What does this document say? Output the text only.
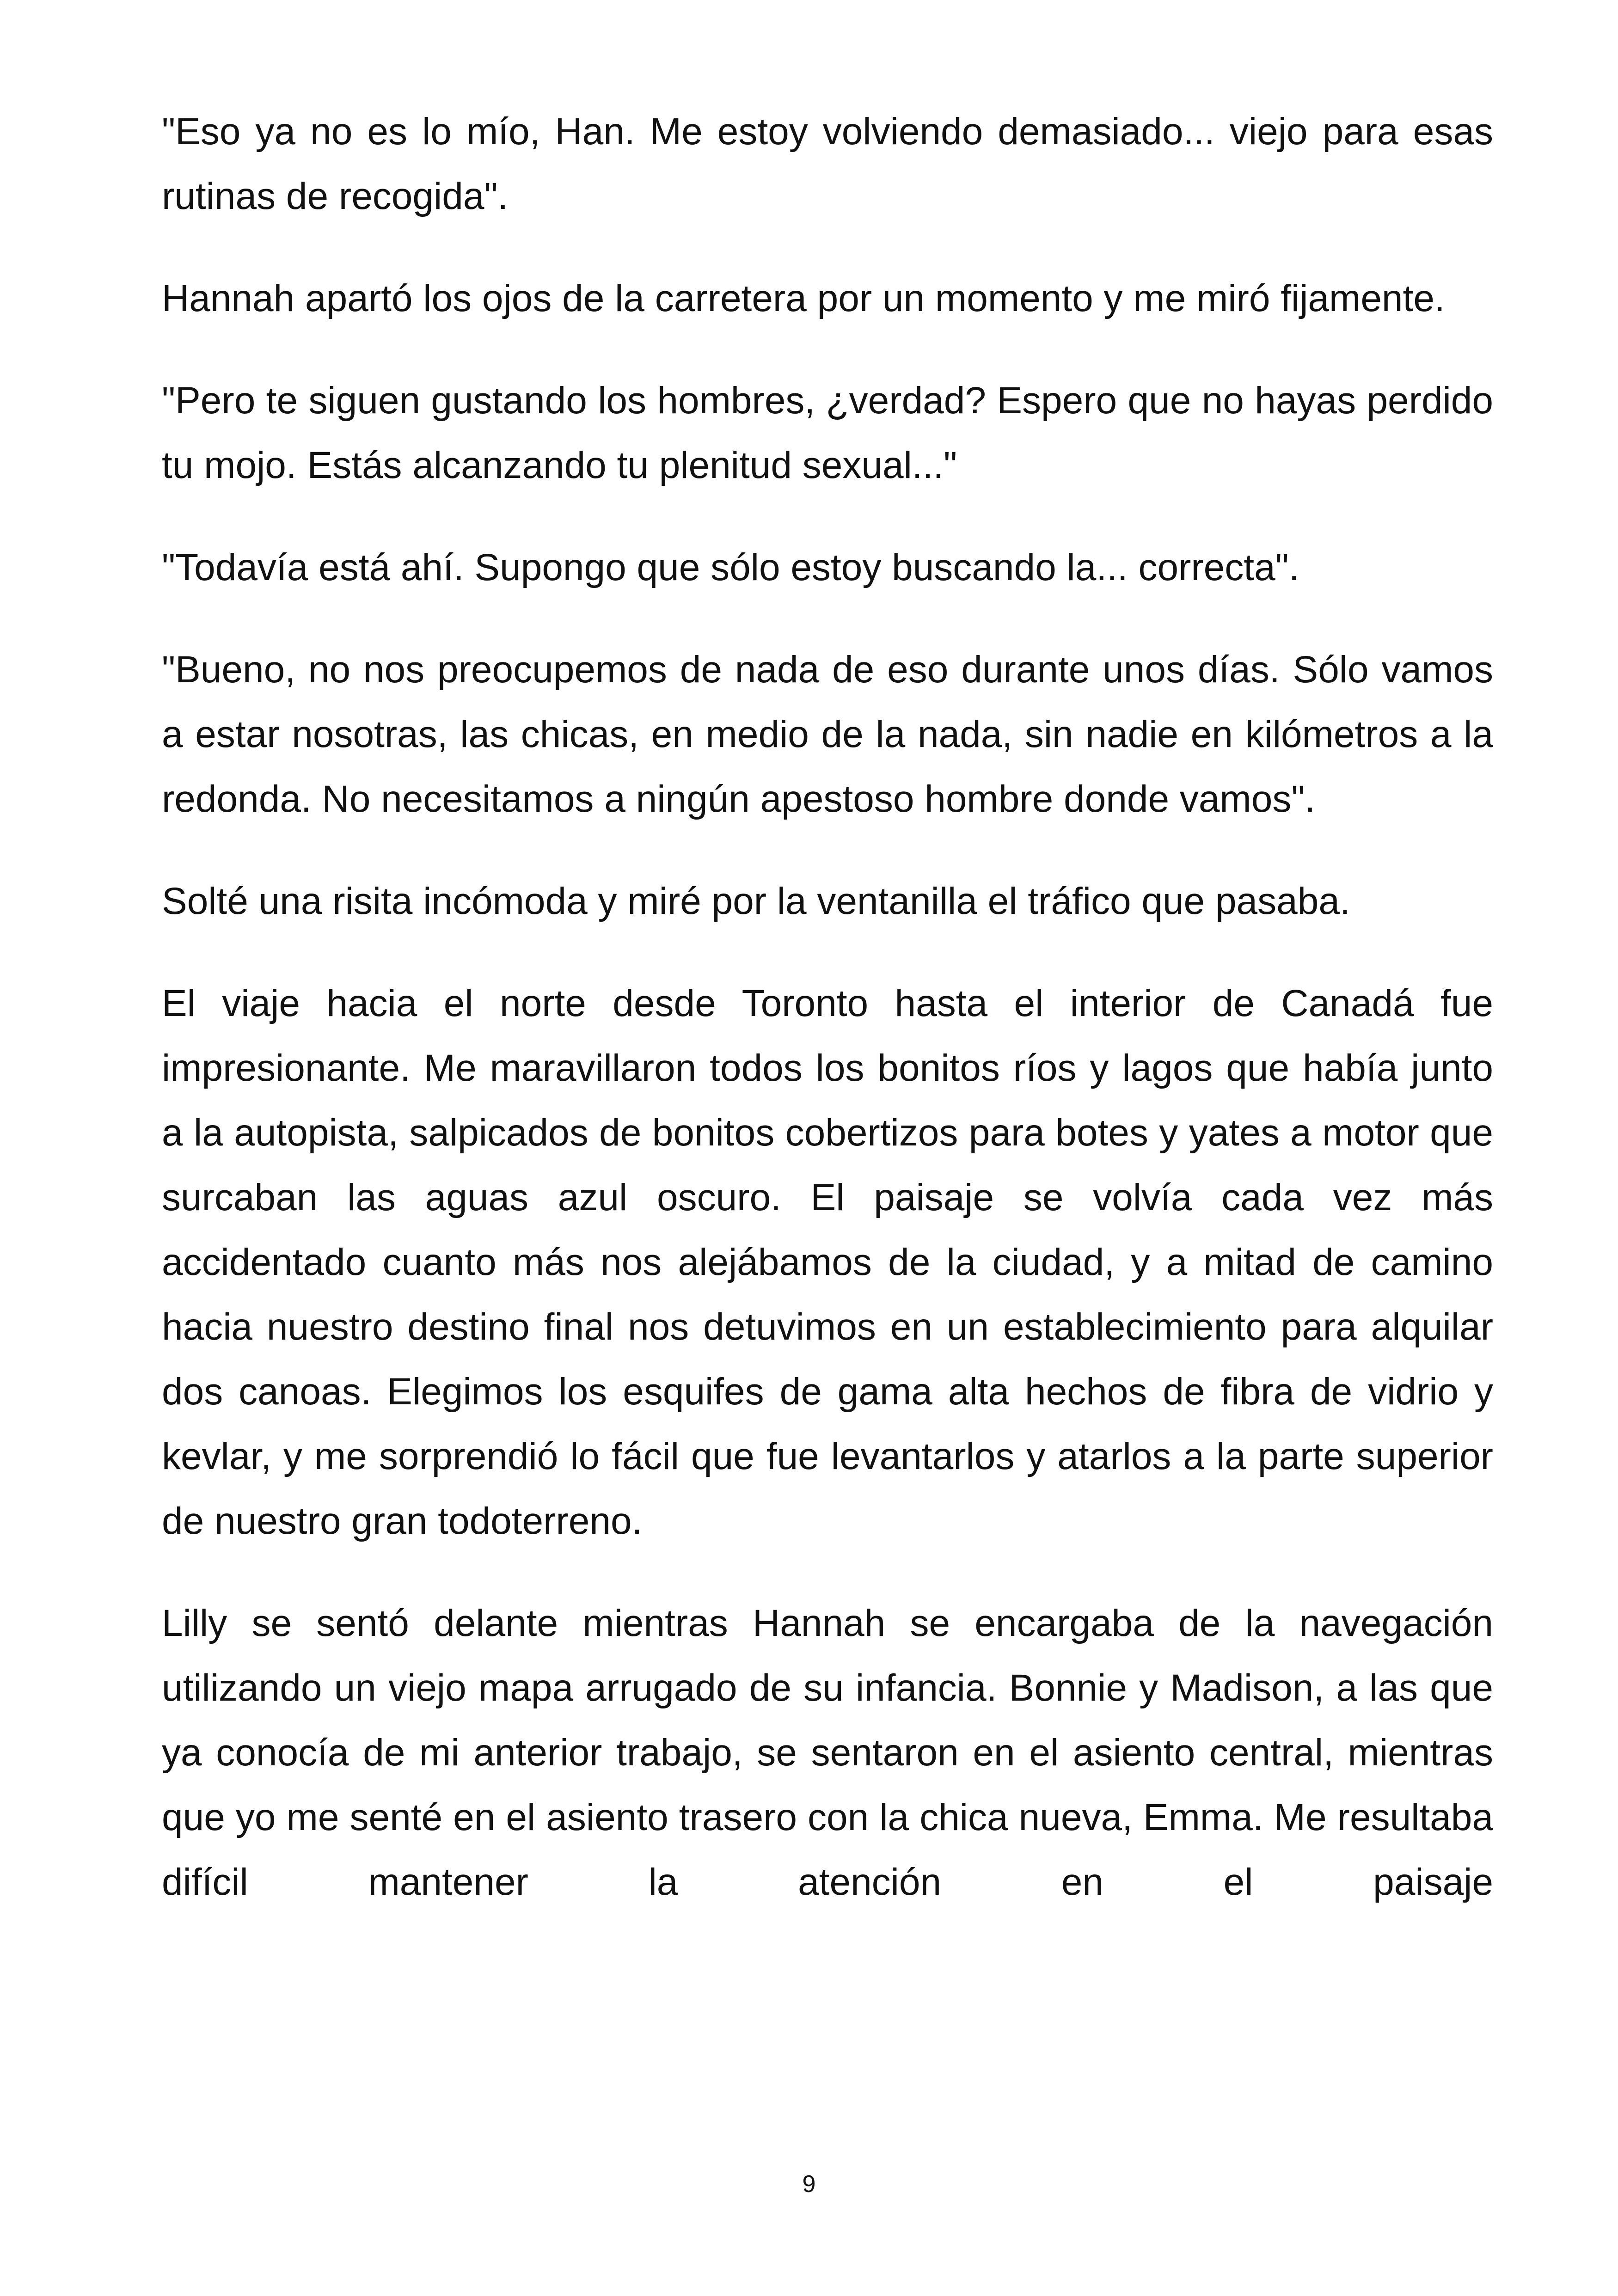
"Eso ya no es lo mío, Han. Me estoy volviendo demasiado... viejo para esas rutinas de recogida".

Hannah apartó los ojos de la carretera por un momento y me miró fijamente.

"Pero te siguen gustando los hombres, ¿verdad? Espero que no hayas perdido tu mojo. Estás alcanzando tu plenitud sexual..."

"Todavía está ahí. Supongo que sólo estoy buscando la... correcta".

"Bueno, no nos preocupemos de nada de eso durante unos días. Sólo vamos a estar nosotras, las chicas, en medio de la nada, sin nadie en kilómetros a la redonda. No necesitamos a ningún apestoso hombre donde vamos".

Solté una risita incómoda y miré por la ventanilla el tráfico que pasaba.

El viaje hacia el norte desde Toronto hasta el interior de Canadá fue impresionante. Me maravillaron todos los bonitos ríos y lagos que había junto a la autopista, salpicados de bonitos cobertizos para botes y yates a motor que surcaban las aguas azul oscuro. El paisaje se volvía cada vez más accidentado cuanto más nos alejábamos de la ciudad, y a mitad de camino hacia nuestro destino final nos detuvimos en un establecimiento para alquilar dos canoas. Elegimos los esquifes de gama alta hechos de fibra de vidrio y kevlar, y me sorprendió lo fácil que fue levantarlos y atarlos a la parte superior de nuestro gran todoterreno.

Lilly se sentó delante mientras Hannah se encargaba de la navegación utilizando un viejo mapa arrugado de su infancia. Bonnie y Madison, a las que ya conocía de mi anterior trabajo, se sentaron en el asiento central, mientras que yo me senté en el asiento trasero con la chica nueva, Emma. Me resultaba difícil mantener la atención en el paisaje

9
